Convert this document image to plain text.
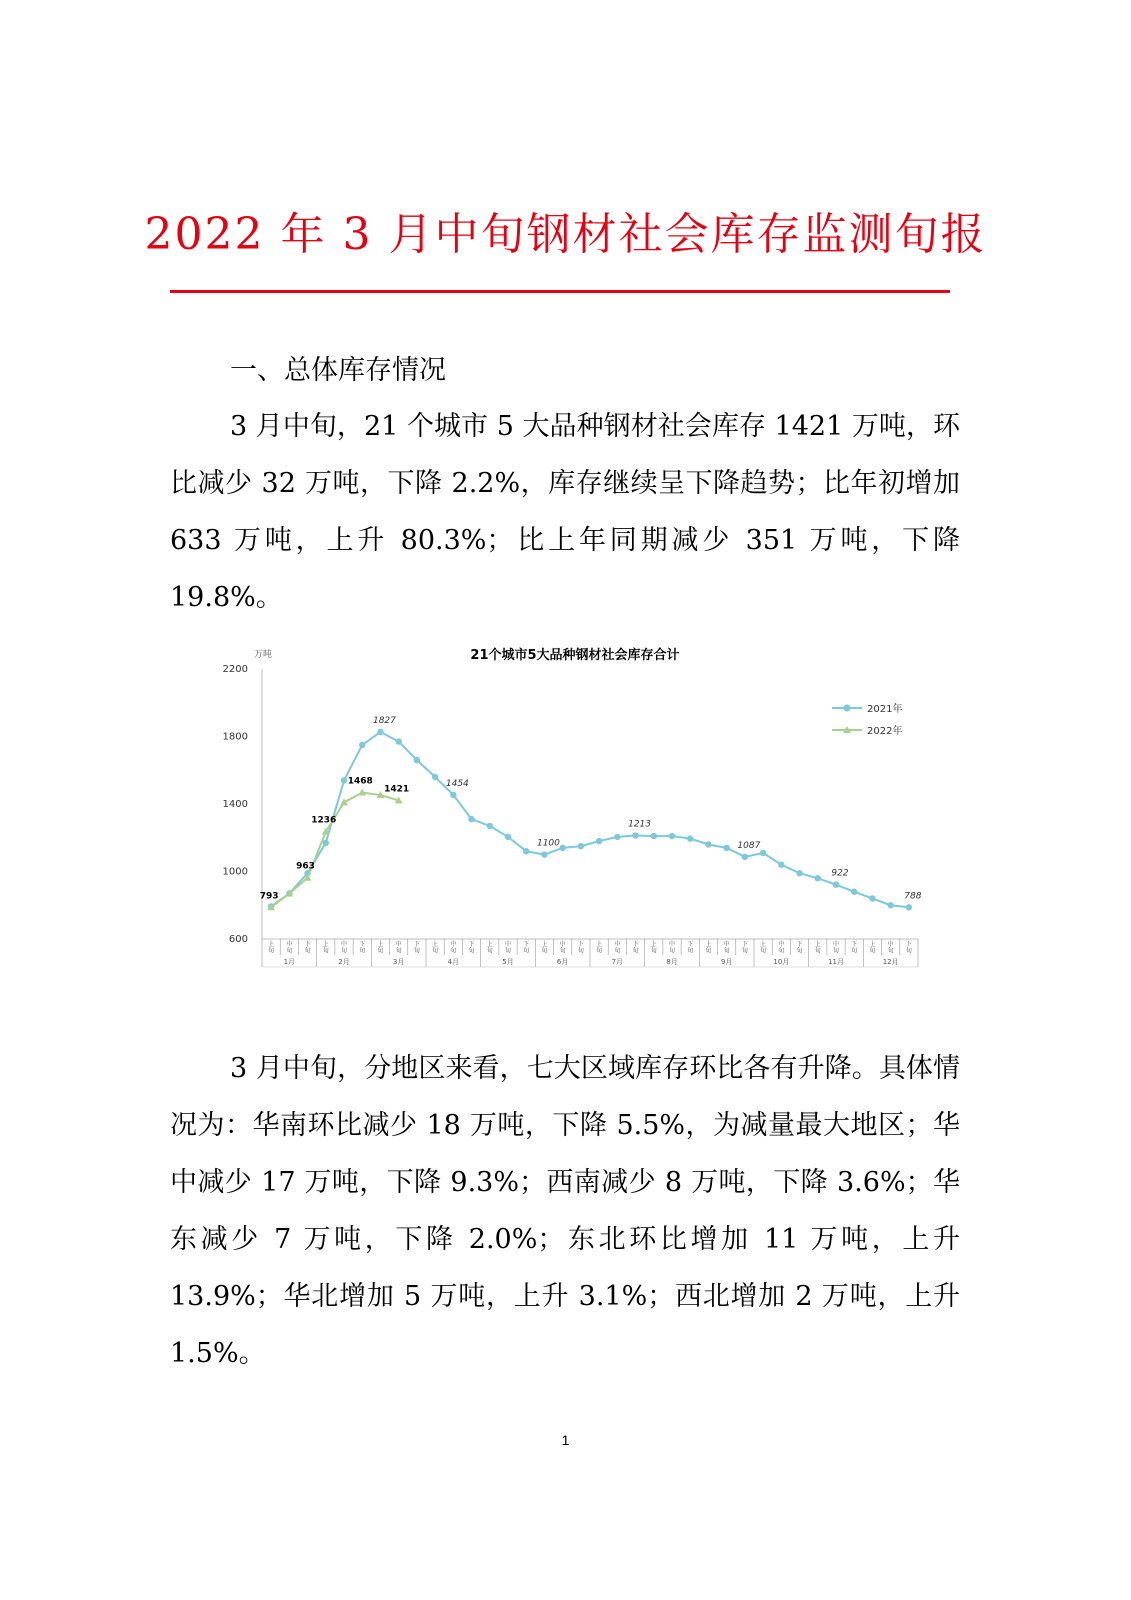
2022 年 3 月中旬钢材社会库存监测旬报
一、总体库存情况

3 月中旬，21 个城市 5 大品种钢材社会库存 1421 万吨，环比减少 32 万吨，下降 2.2%，库存继续呈下降趋势；比年初增加 633 万吨，上升 80.3%；比上年同期减少 351 万吨，下降 19.8%。

21个城市5大品种钢材社会库存合计
万吨
600
1000
1400
1800
2200
上旬
中旬
下旬
上旬
中旬
下旬
上旬
中旬
下旬
上旬
中旬
下旬
上旬
中旬
下旬
上旬
中旬
下旬
上旬
中旬
下旬
上旬
中旬
下旬
上旬
中旬
下旬
上旬
中旬
下旬
上旬
中旬
下旬
上旬
中旬
下旬
1月	2月	3月	4月	5月	6月	7月	8月	9月	10月	11月	12月
1827
1454
1100
1213
1087
922
788
793
963
1236
1468
1421
2021年
2022年

3 月中旬，分地区来看，七大区域库存环比各有升降。具体情况为：华南环比减少 18 万吨，下降 5.5%，为减量最大地区；华中减少 17 万吨，下降 9.3%；西南减少 8 万吨，下降 3.6%；华东减少 7 万吨，下降 2.0%；东北环比增加 11 万吨，上升 13.9%；华北增加 5 万吨，上升 3.1%；西北增加 2 万吨，上升 1.5%。

1
